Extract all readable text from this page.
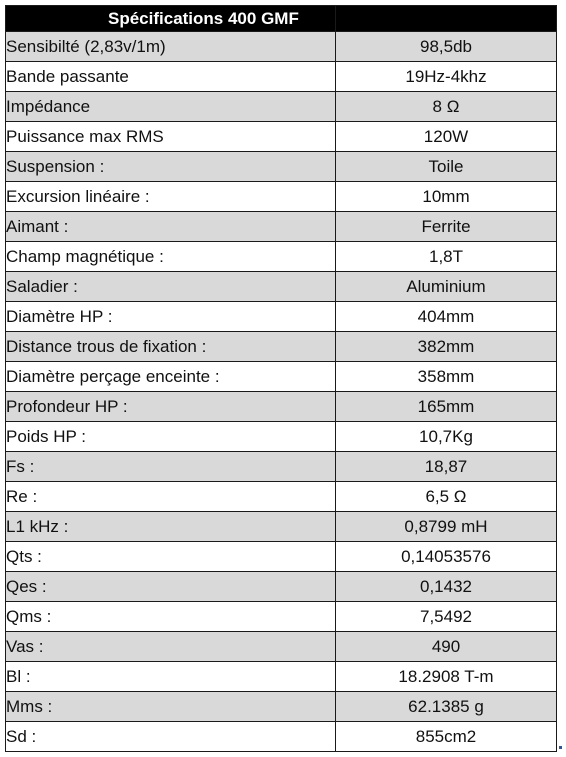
Spécifications 400 GMF	
Sensibilté (2,83v/1m)	98,5db
Bande passante	19Hz-4khz
Impédance	8 Ω
Puissance max RMS	120W
Suspension :	Toile
Excursion linéaire :	10mm
Aimant :	Ferrite
Champ magnétique :	1,8T
Saladier :	Aluminium
Diamètre HP :	404mm
Distance trous de fixation :	382mm
Diamètre perçage enceinte :	358mm
Profondeur HP :	165mm
Poids HP :	10,7Kg
Fs :	18,87
Re :	6,5 Ω
L1 kHz :	0,8799 mH
Qts :	0,14053576
Qes :	0,1432
Qms :	7,5492
Vas :	490
Bl :	18.2908 T-m
Mms :	62.1385 g
Sd :	855cm2
